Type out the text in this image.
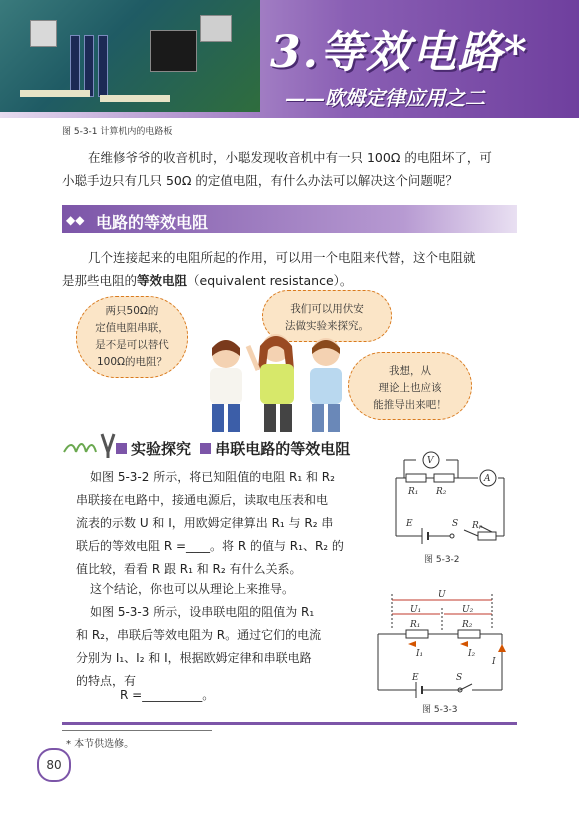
3.等效电路*
——欧姆定律应用之二
图 5-3-1 计算机内的电路板
在维修爷爷的收音机时，小聪发现收音机中有一只 100Ω 的电阻坏了，可
小聪手边只有几只 50Ω 的定值电阻，有什么办法可以解决这个问题呢？
◆◆ 电路的等效电阻
几个连接起来的电阻所起的作用，可以用一个电阻来代替，这个电阻就
是那些电阻的等效电阻（equivalent resistance）。
两只50Ω的
定值电阻串联，
是不是可以替代
100Ω的电阻？
我们可以用伏安
法做实验来探究。
我想，从
理论上也应该
能推导出来吧！
实验探究 串联电路的等效电阻
如图 5-3-2 所示，将已知阻值的电阻 R₁ 和 R₂
串联接在电路中，接通电源后，读取电压表和电
流表的示数 U 和 I，用欧姆定律算出 R₁ 与 R₂ 串
联后的等效电阻 R =____。将 R 的值与 R₁、R₂ 的
值比较，看看 R 跟 R₁ 和 R₂ 有什么关系。
V
A
R₁ R₂
E	S Rₚ
图 5-3-2
这个结论，你也可以从理论上来推导。
如图 5-3-3 所示，设串联电阻的阻值为 R₁
和 R₂，串联后等效电阻为 R。通过它们的电流
分别为 I₁、I₂ 和 I，根据欧姆定律和串联电路
的特点，有
R =__________。
U
U₁	U₂
R₁	R₂
I₁	I₂
I
E	S
图 5-3-3
* 本节供选修。
80
